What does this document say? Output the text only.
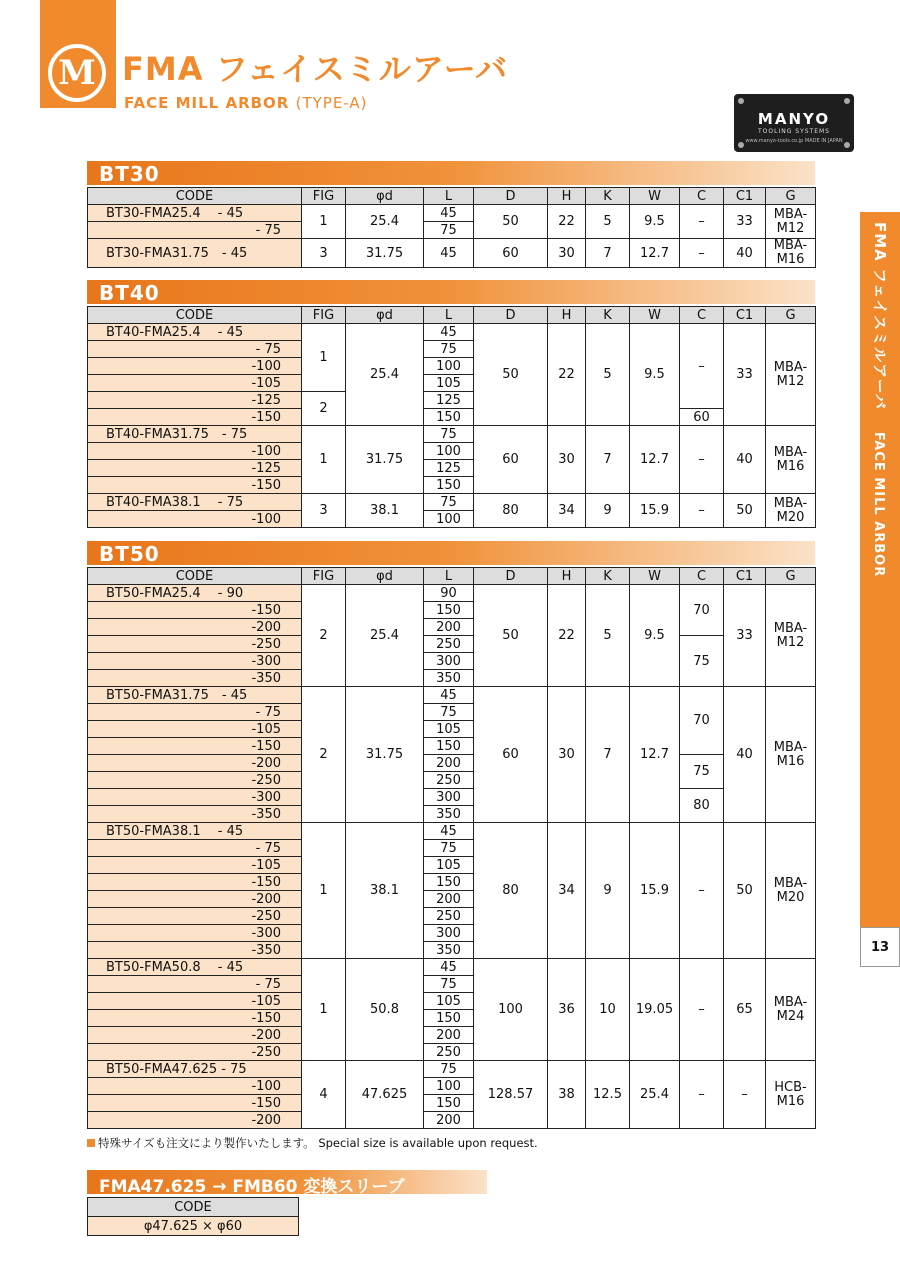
M FMA フェイスミルアーバ
FACE MILL ARBOR (TYPE-A)
MANYO
TOOLING SYSTEMS
www.manyo-tools.co.jp MADE IN JAPAN
FMA フェイスミルアーバFACE MILL ARBOR
13
BT30
CODE	FIG	φd	L	D	H	K	W	C	C1	G
BT30-FMA25.4　 - 45	1	25.4	45	50	22	5	9.5	–	33	MBA-M12
- 75			75							
BT30-FMA31.75　- 45	3	31.75	45	60	30	7	12.7	–	40	MBA-M16
BT40
CODE	FIG	φd	L	D	H	K	W	C	C1	G
BT40-FMA25.4　 - 45	1	25.4	45	50	22	5	9.5	–	33	MBA-M12
- 75			75							
-100			100							
-105			105							
-125	2		125							
-150			150					60		
BT40-FMA31.75　- 75	1	31.75	75	60	30	7	12.7	–	40	MBA-M16
-100			100							
-125			125							
-150			150							
BT40-FMA38.1　 - 75	3	38.1	75	80	34	9	15.9	–	50	MBA-M20
-100			100							
BT50
CODE	FIG	φd	L	D	H	K	W	C	C1	G
BT50-FMA25.4　 - 90	2	25.4	90	50	22	5	9.5	70	33	MBA-M12
-150			150							
-200			200							
-250			250					75		
-300			300							
-350			350							
BT50-FMA31.75　- 45	2	31.75	45	60	30	7	12.7	70	40	MBA-M16
- 75			75							
-105			105							
-150			150							
-200			200					75		
-250			250							
-300			300					80		
-350			350							
BT50-FMA38.1　 - 45	1	38.1	45	80	34	9	15.9	–	50	MBA-M20
- 75			75							
-105			105							
-150			150							
-200			200							
-250			250							
-300			300							
-350			350							
BT50-FMA50.8　 - 45	1	50.8	45	100	36	10	19.05	–	65	MBA-M24
- 75			75							
-105			105							
-150			150							
-200			200							
-250			250							
BT50-FMA47.625 - 75	4	47.625	75	128.57	38	12.5	25.4	–	–	HCB-M16
-100			100							
-150			150							
-200			200							
特殊サイズも注文により製作いたします。 Special size is available upon request.
FMA47.625 → FMB60 変換スリーブ
CODE
φ47.625 × φ60
